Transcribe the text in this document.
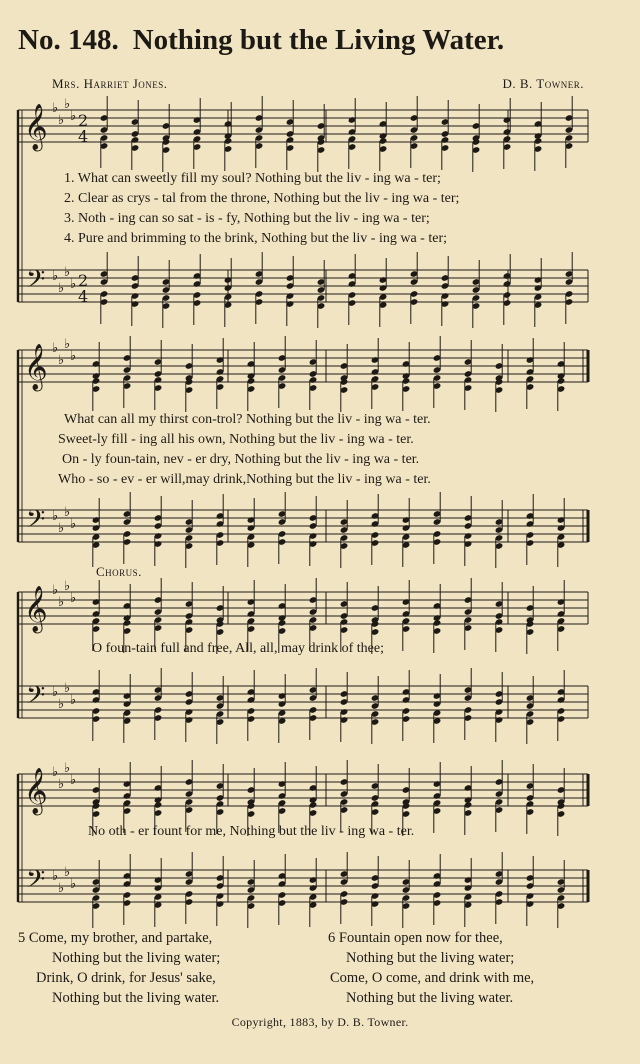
No. 148. Nothing but the Living Water.
Mrs. Harriet Jones.	D. B. Towner.
1. What can sweetly fill my soul? Nothing but the liv - ing wa - ter;
2. Clear as crys - tal from the throne, Nothing but the liv - ing wa - ter;
3. Noth - ing can so sat - is - fy, Nothing but the liv - ing wa - ter;
4. Pure and brimming to the brink, Nothing but the liv - ing wa - ter;
What can all my thirst con-trol? Nothing but the liv - ing wa - ter.
Sweet-ly fill - ing all his own, Nothing but the liv - ing wa - ter.
On - ly foun-tain, nev - er dry, Nothing but the liv - ing wa - ter.
Who - so - ev - er will,may drink,Nothing but the liv - ing wa - ter.
Chorus.
O foun-tain full and free, All, all, may drink of thee;
No oth - er fount for me, Nothing but the liv - ing wa - ter.
𝄞
𝄢
♭
♭
♭
♭
♭
♭
♭
♭
2
4
2
4
𝄞
𝄢
♭
♭
♭
♭
♭
♭
♭
♭
𝄞
𝄢
♭
♭
♭
♭
♭
♭
♭
♭
𝄞
𝄢
♭
♭
♭
♭
♭
♭
♭
♭
5 Come, my brother, and partake,
Nothing but the living water;
Drink, O drink, for Jesus' sake,
Nothing but the living water.
6 Fountain open now for thee,
Nothing but the living water;
Come, O come, and drink with me,
Nothing but the living water.
Copyright, 1883, by D. B. Towner.
